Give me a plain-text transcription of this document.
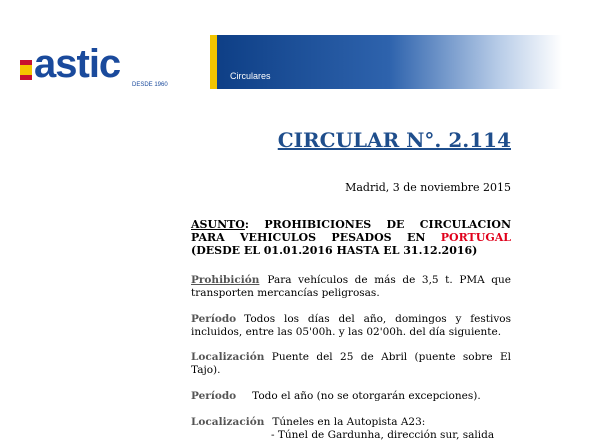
astic DESDE 1960
Circulares
CIRCULAR N°. 2.114
Madrid, 3 de noviembre 2015
ASUNTO: PROHIBICIONES DE CIRCULACION PARA VEHICULOS PESADOS EN PORTUGAL (DESDE EL 01.01.2016 HASTA EL 31.12.2016)
Prohibición Para vehículos de más de 3,5 t. PMA que transporten mercancías peligrosas.
Período Todos los días del año, domingos y festivos incluidos, entre las 05'00h. y las 02'00h. del día siguiente.
Localización Puente del 25 de Abril (puente sobre El Tajo).
Período Todo el año (no se otorgarán excepciones).
Localización Túneles en la Autopista A23:
- Túnel de Gardunha, dirección sur, salida
